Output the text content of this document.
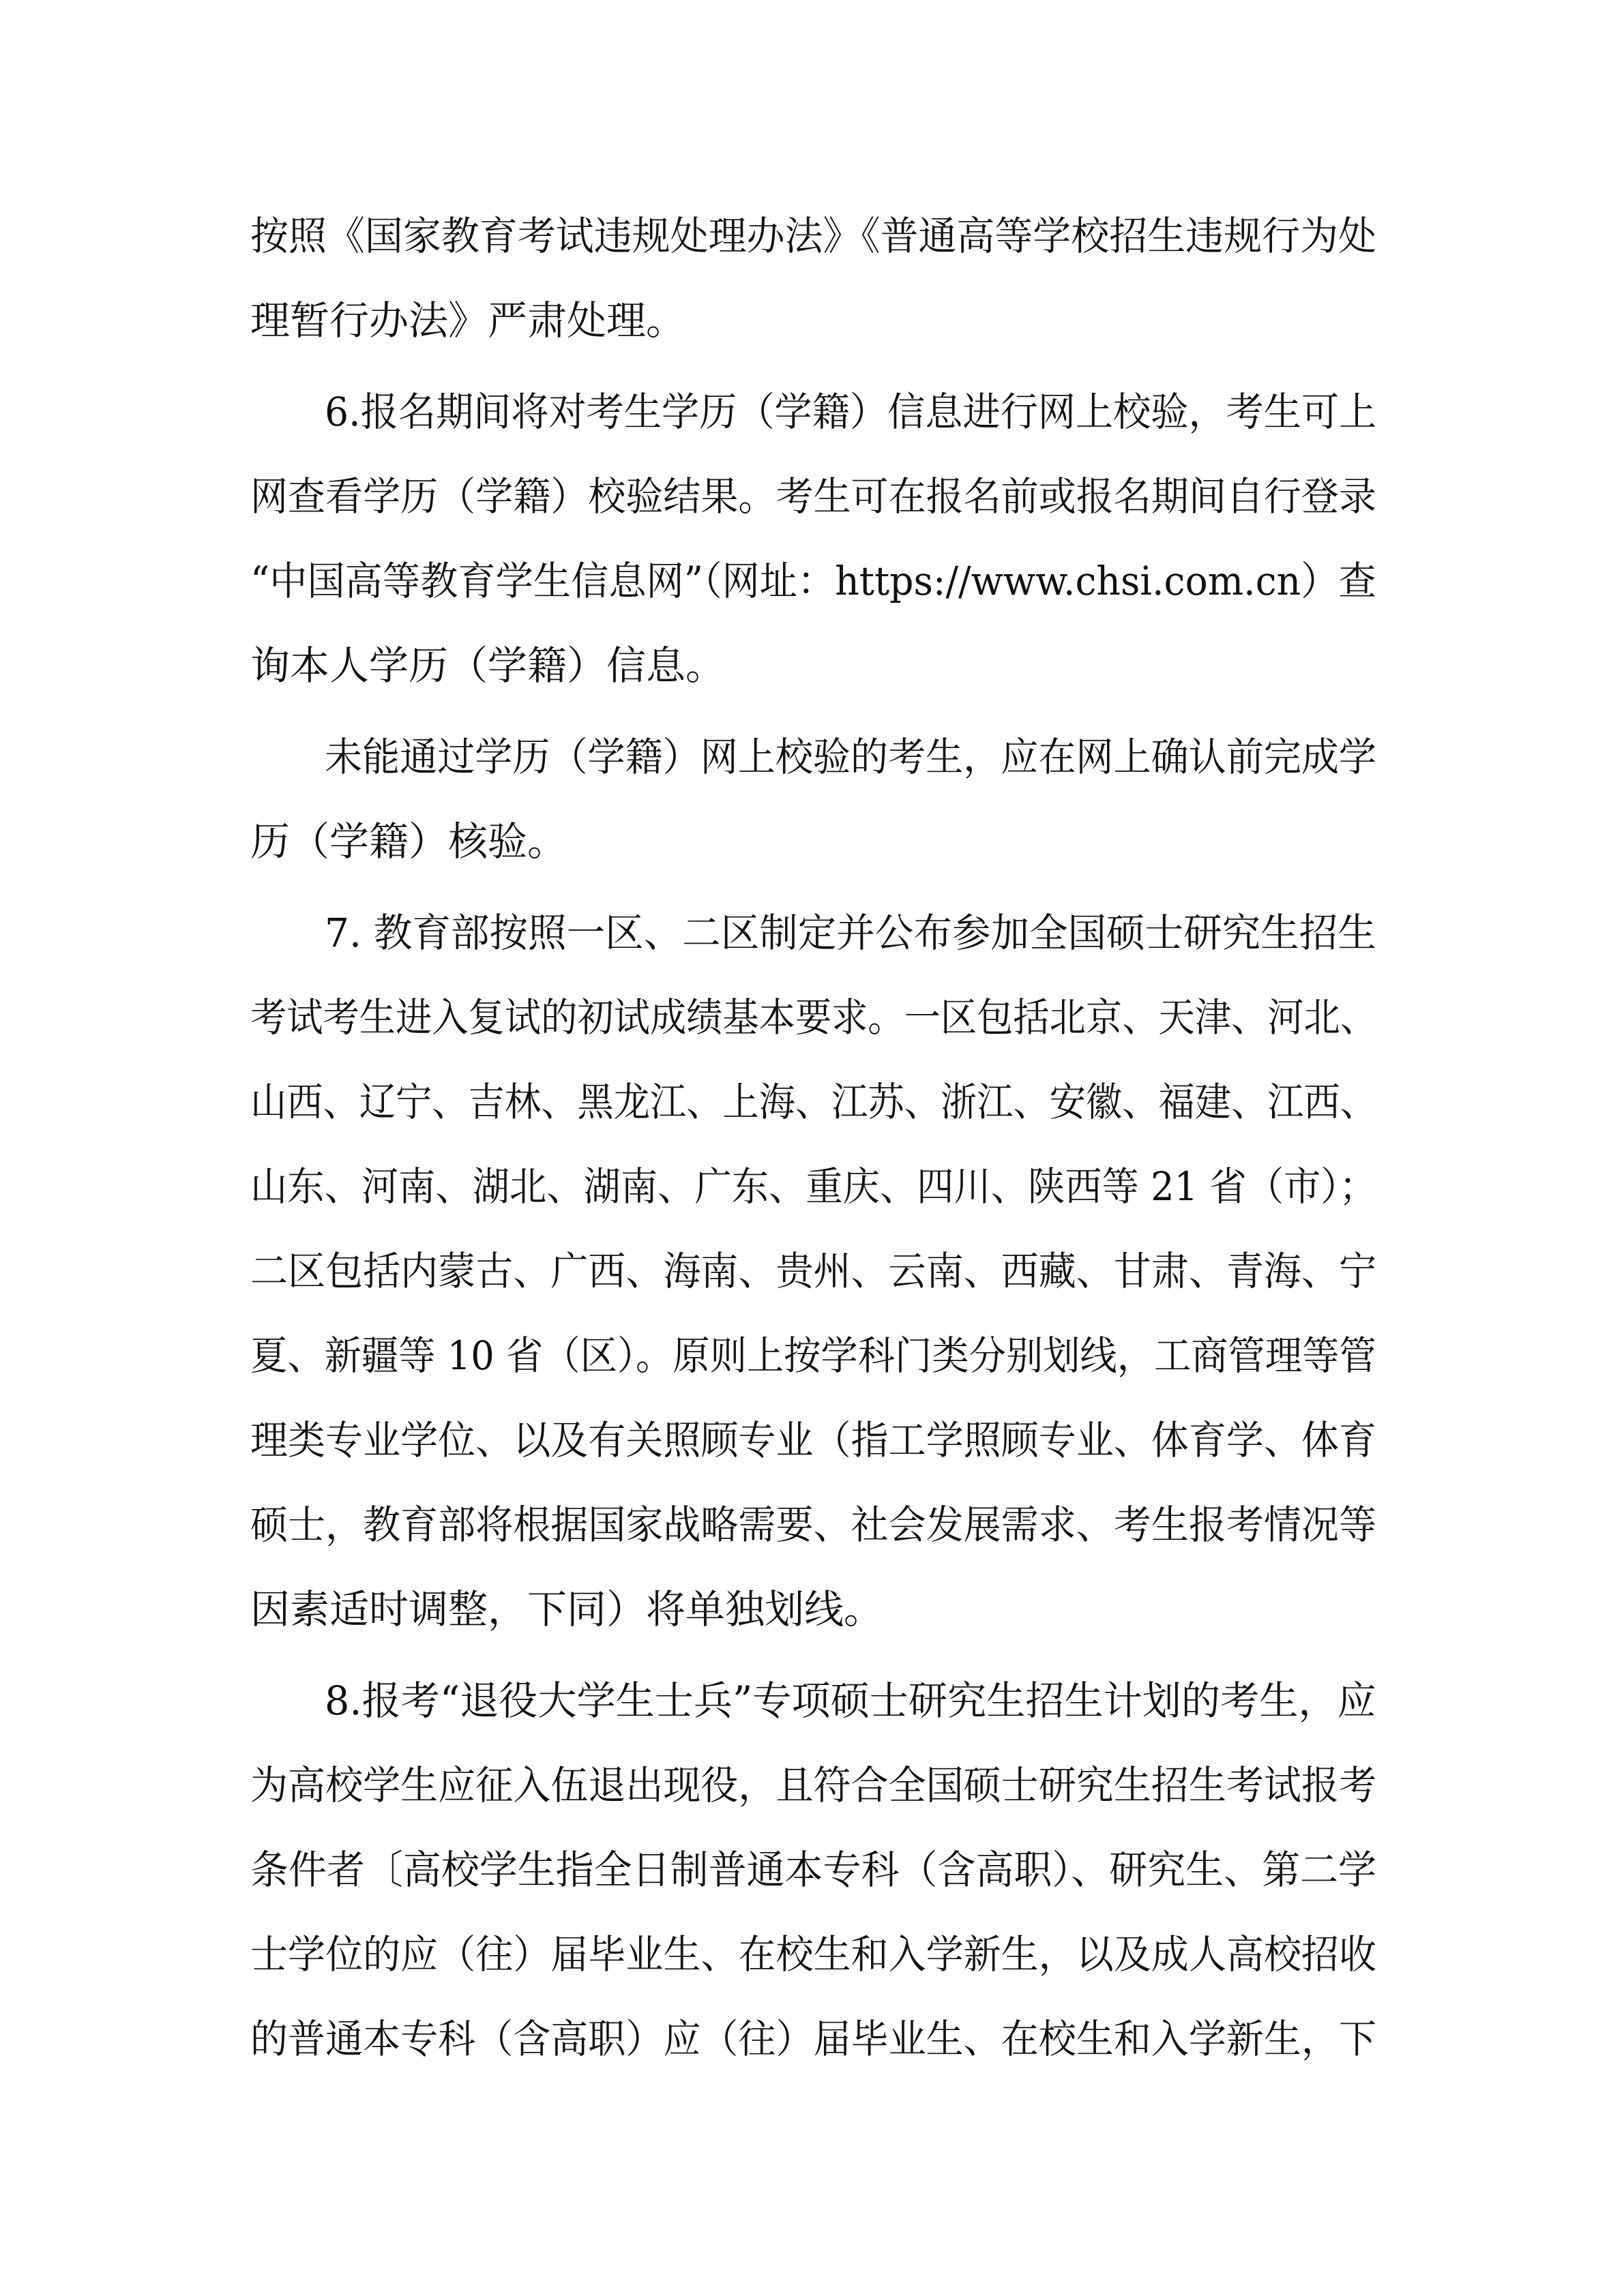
按照《国家教育考试违规处理办法》《普通高等学校招生违规行为处
理暂行办法》严肃处理。
6.报名期间将对考生学历（学籍）信息进行网上校验，考生可上
网查看学历（学籍）校验结果。考生可在报名前或报名期间自行登录
“中国高等教育学生信息网”（网址：https://www.chsi.com.cn）查
询本人学历（学籍）信息。
未能通过学历（学籍）网上校验的考生，应在网上确认前完成学
历（学籍）核验。
7. 教育部按照一区、二区制定并公布参加全国硕士研究生招生
考试考生进入复试的初试成绩基本要求。一区包括北京、天津、河北、
山西、辽宁、吉林、黑龙江、上海、江苏、浙江、安徽、福建、江西、
山东、河南、湖北、湖南、广东、重庆、四川、陕西等 21 省（市）；
二区包括内蒙古、广西、海南、贵州、云南、西藏、甘肃、青海、宁
夏、新疆等 10 省（区）。原则上按学科门类分别划线，工商管理等管
理类专业学位、以及有关照顾专业（指工学照顾专业、体育学、体育
硕士，教育部将根据国家战略需要、社会发展需求、考生报考情况等
因素适时调整，下同）将单独划线。
8.报考“退役大学生士兵”专项硕士研究生招生计划的考生，应
为高校学生应征入伍退出现役，且符合全国硕士研究生招生考试报考
条件者〔高校学生指全日制普通本专科（含高职）、研究生、第二学
士学位的应（往）届毕业生、在校生和入学新生，以及成人高校招收
的普通本专科（含高职）应（往）届毕业生、在校生和入学新生，下
